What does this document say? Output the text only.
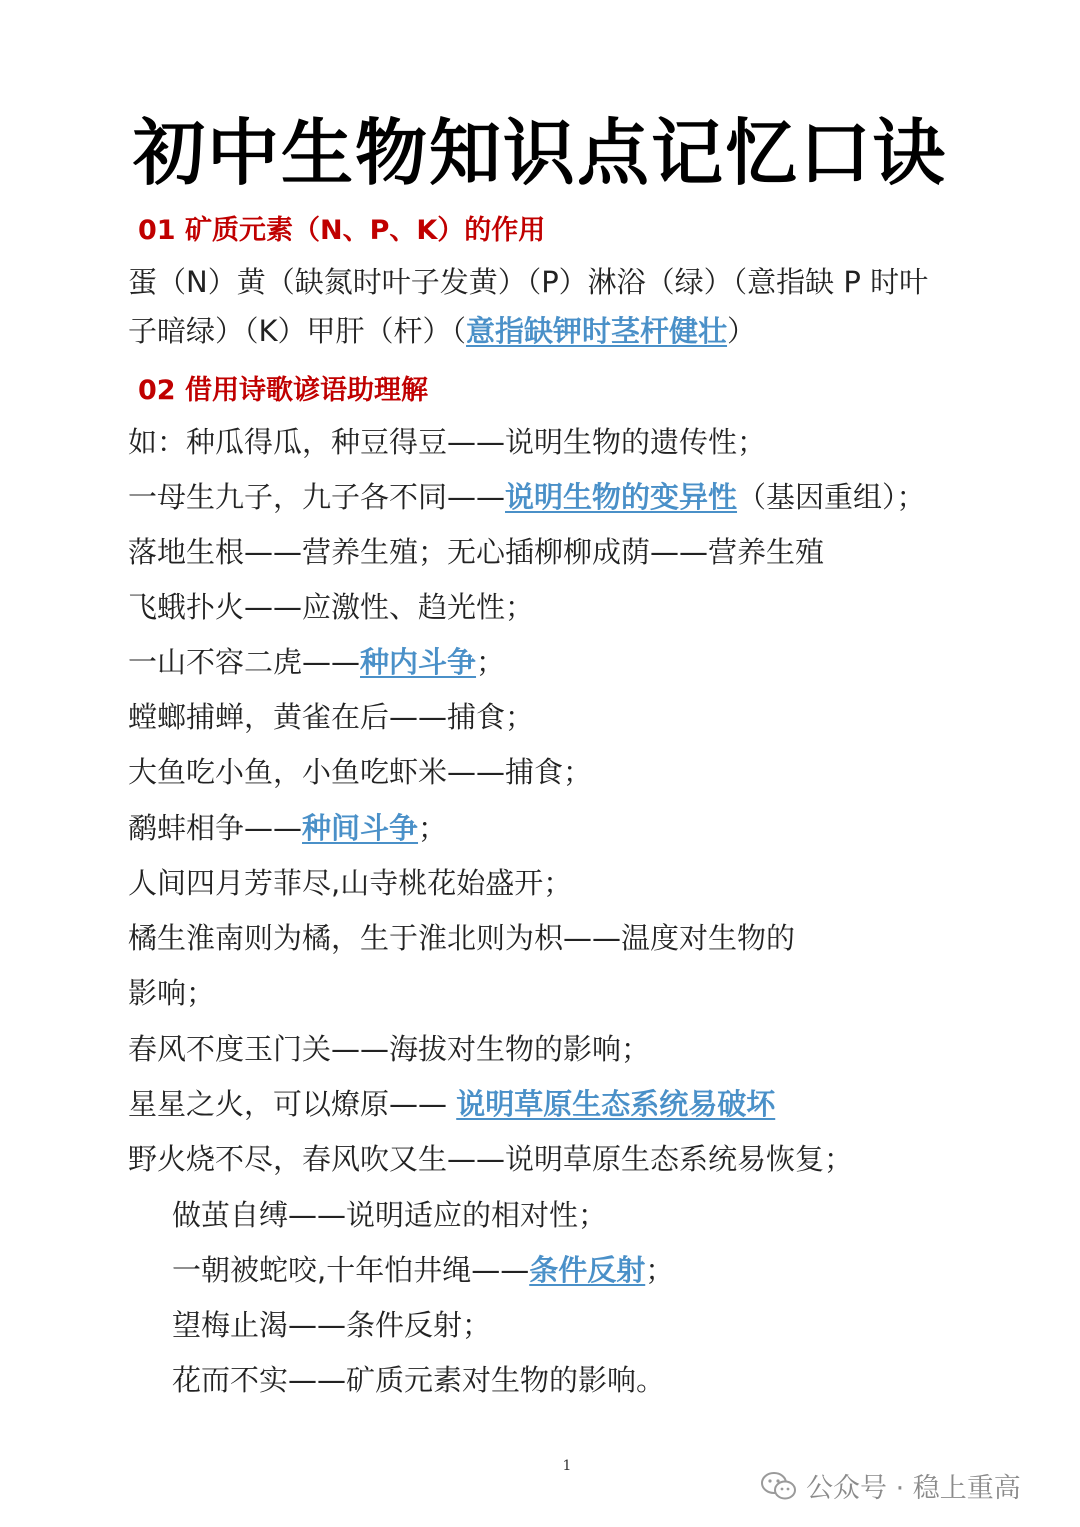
初中生物知识点记忆口诀
01 矿质元素（N、P、K）的作用
蛋（N）黄（缺氮时叶子发黄）（P）淋浴（绿）（意指缺 P 时叶
子暗绿）（K）甲肝（杆）（意指缺钾时茎杆健壮）
02 借用诗歌谚语助理解
如：种瓜得瓜，种豆得豆——说明生物的遗传性；
一母生九子，九子各不同——说明生物的变异性（基因重组）；
落地生根——营养生殖；无心插柳柳成荫——营养生殖
飞蛾扑火——应激性、趋光性；
一山不容二虎——种内斗争；
螳螂捕蝉，黄雀在后——捕食；
大鱼吃小鱼，小鱼吃虾米——捕食；
鹬蚌相争——种间斗争；
人间四月芳菲尽,山寺桃花始盛开；
橘生淮南则为橘，生于淮北则为枳——温度对生物的
影响；
春风不度玉门关——海拔对生物的影响；
星星之火，可以燎原—— 说明草原生态系统易破坏
野火烧不尽，春风吹又生——说明草原生态系统易恢复；
做茧自缚——说明适应的相对性；
一朝被蛇咬,十年怕井绳——条件反射；
望梅止渴——条件反射；
花而不实——矿质元素对生物的影响。
1
公众号 · 稳上重高
